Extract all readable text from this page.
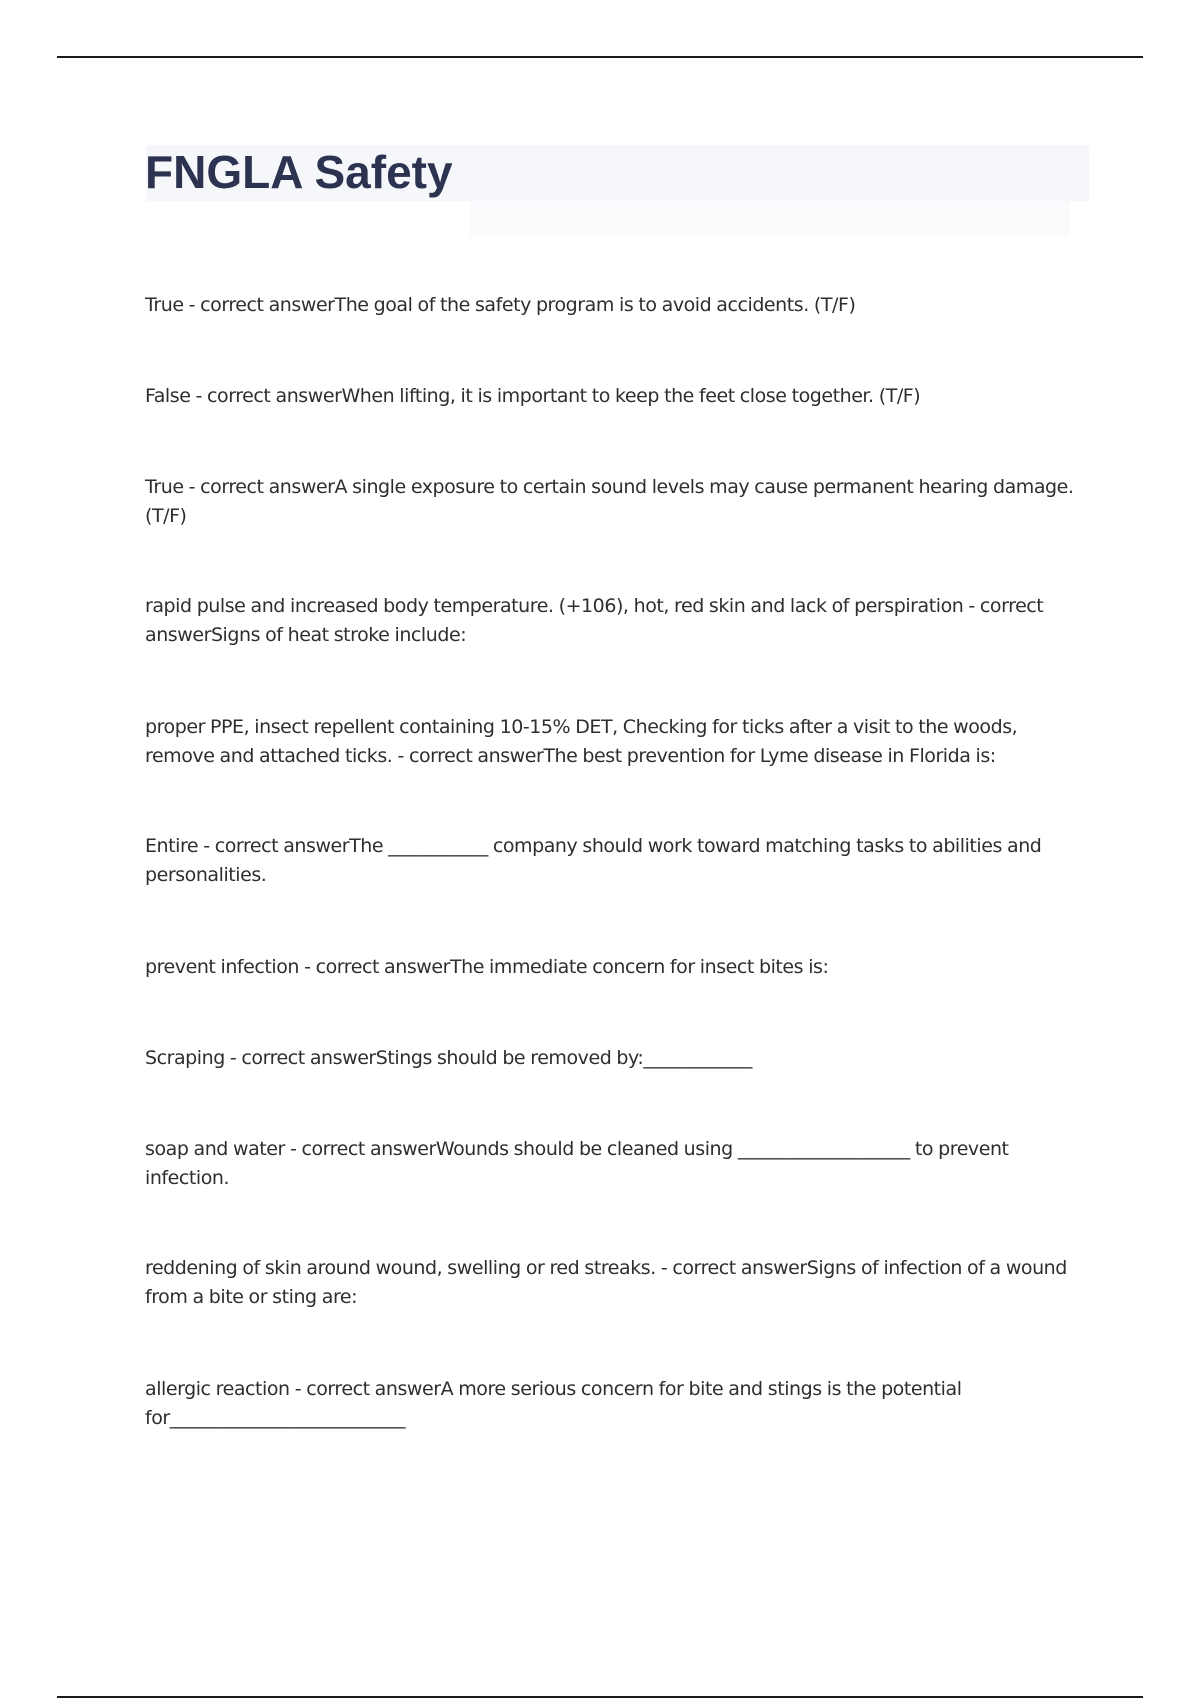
FNGLA Safety
True - correct answerThe goal of the safety program is to avoid accidents. (T/F)
False - correct answerWhen lifting, it is important to keep the feet close together. (T/F)
True - correct answerA single exposure to certain sound levels may cause permanent hearing damage. (T/F)
rapid pulse and increased body temperature. (+106), hot, red skin and lack of perspiration - correct answerSigns of heat stroke include:
proper PPE, insect repellent containing 10-15% DET, Checking for ticks after a visit to the woods, remove and attached ticks. - correct answerThe best prevention for Lyme disease in Florida is:
Entire - correct answerThe ___________ company should work toward matching tasks to abilities and personalities.
prevent infection - correct answerThe immediate concern for insect bites is:
Scraping - correct answerStings should be removed by:____________
soap and water - correct answerWounds should be cleaned using ___________________ to prevent infection.
reddening of skin around wound, swelling or red streaks. - correct answerSigns of infection of a wound from a bite or sting are:
allergic reaction - correct answerA more serious concern for bite and stings is the potential for__________________________
